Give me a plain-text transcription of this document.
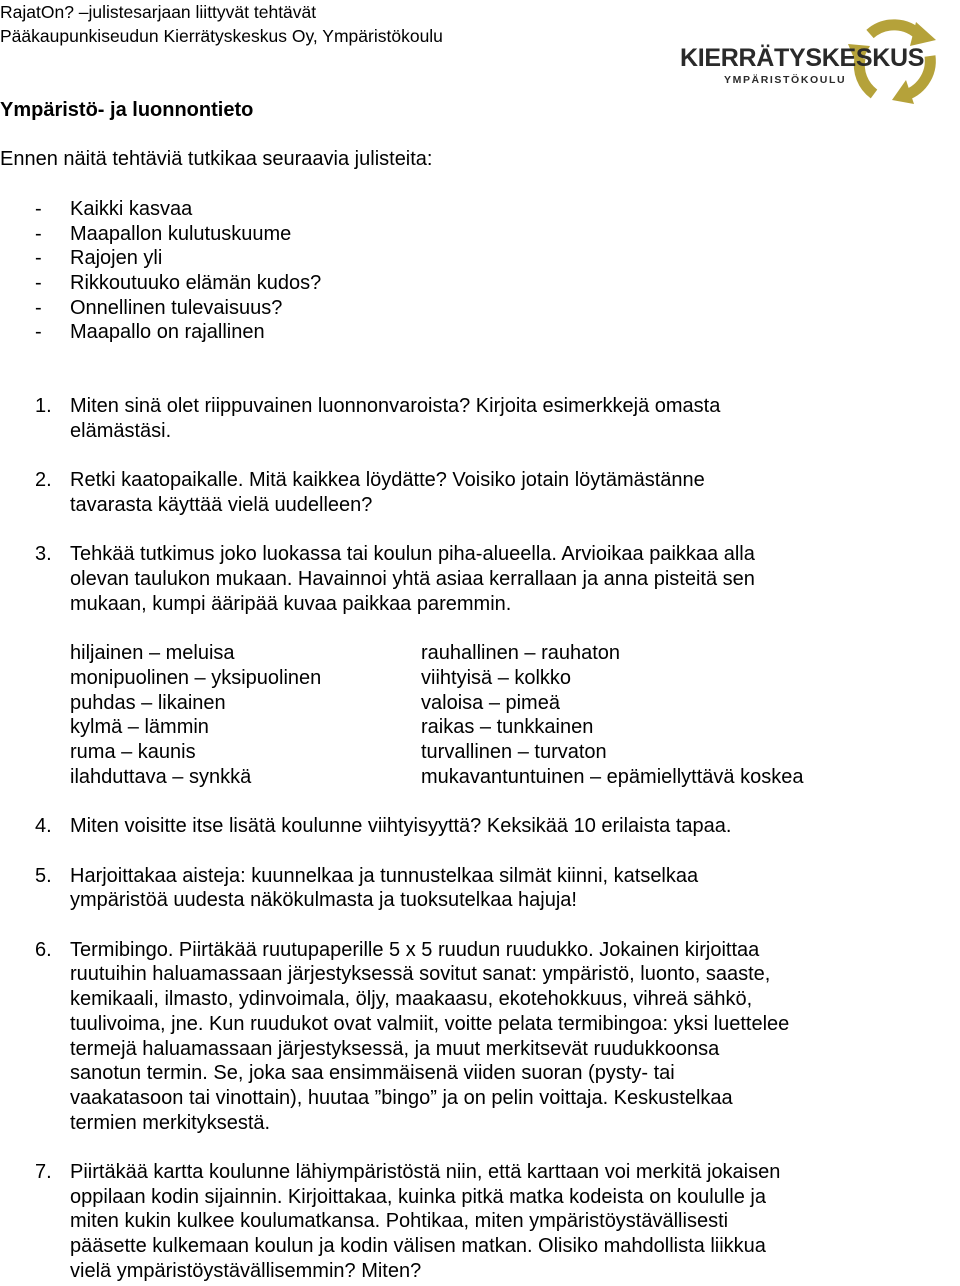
RajatOn? –julistesarjaan liittyvät tehtävät
Pääkaupunkiseudun Kierrätyskeskus Oy, Ympäristökoulu
KIERRÄTYSKESKUS
YMPÄRISTÖKOULU
Ympäristö- ja luonnontieto
Ennen näitä tehtäviä tutkikaa seuraavia julisteita:
- Kaikki kasvaa
- Maapallon kulutuskuume
- Rajojen yli
- Rikkoutuuko elämän kudos?
- Onnellinen tulevaisuus?
- Maapallo on rajallinen
1. Miten sinä olet riippuvainen luonnonvaroista? Kirjoita esimerkkejä omasta
elämästäsi.
2. Retki kaatopaikalle. Mitä kaikkea löydätte? Voisiko jotain löytämästänne
tavarasta käyttää vielä uudelleen?
3. Tehkää tutkimus joko luokassa tai koulun piha-alueella. Arvioikaa paikkaa alla
olevan taulukon mukaan. Havainnoi yhtä asiaa kerrallaan ja anna pisteitä sen
mukaan, kumpi ääripää kuvaa paikkaa paremmin.
hiljainen – meluisa
monipuolinen – yksipuolinen
puhdas – likainen
kylmä – lämmin
ruma – kaunis
ilahduttava – synkkä
rauhallinen – rauhaton
viihtyisä – kolkko
valoisa – pimeä
raikas – tunkkainen
turvallinen – turvaton
mukavantuntuinen – epämiellyttävä koskea
4. Miten voisitte itse lisätä koulunne viihtyisyyttä? Keksikää 10 erilaista tapaa.
5. Harjoittakaa aisteja: kuunnelkaa ja tunnustelkaa silmät kiinni, katselkaa
ympäristöä uudesta näkökulmasta ja tuoksutelkaa hajuja!
6. Termibingo. Piirtäkää ruutupaperille 5 x 5 ruudun ruudukko. Jokainen kirjoittaa
ruutuihin haluamassaan järjestyksessä sovitut sanat: ympäristö, luonto, saaste,
kemikaali, ilmasto, ydinvoimala, öljy, maakaasu, ekotehokkuus, vihreä sähkö,
tuulivoima, jne. Kun ruudukot ovat valmiit, voitte pelata termibingoa: yksi luettelee
termejä haluamassaan järjestyksessä, ja muut merkitsevät ruudukkoonsa
sanotun termin. Se, joka saa ensimmäisenä viiden suoran (pysty- tai
vaakatasoon tai vinottain), huutaa ”bingo” ja on pelin voittaja. Keskustelkaa
termien merkityksestä.
7. Piirtäkää kartta koulunne lähiympäristöstä niin, että karttaan voi merkitä jokaisen
oppilaan kodin sijainnin. Kirjoittakaa, kuinka pitkä matka kodeista on koululle ja
miten kukin kulkee koulumatkansa. Pohtikaa, miten ympäristöystävällisesti
pääsette kulkemaan koulun ja kodin välisen matkan. Olisiko mahdollista liikkua
vielä ympäristöystävällisemmin? Miten?
